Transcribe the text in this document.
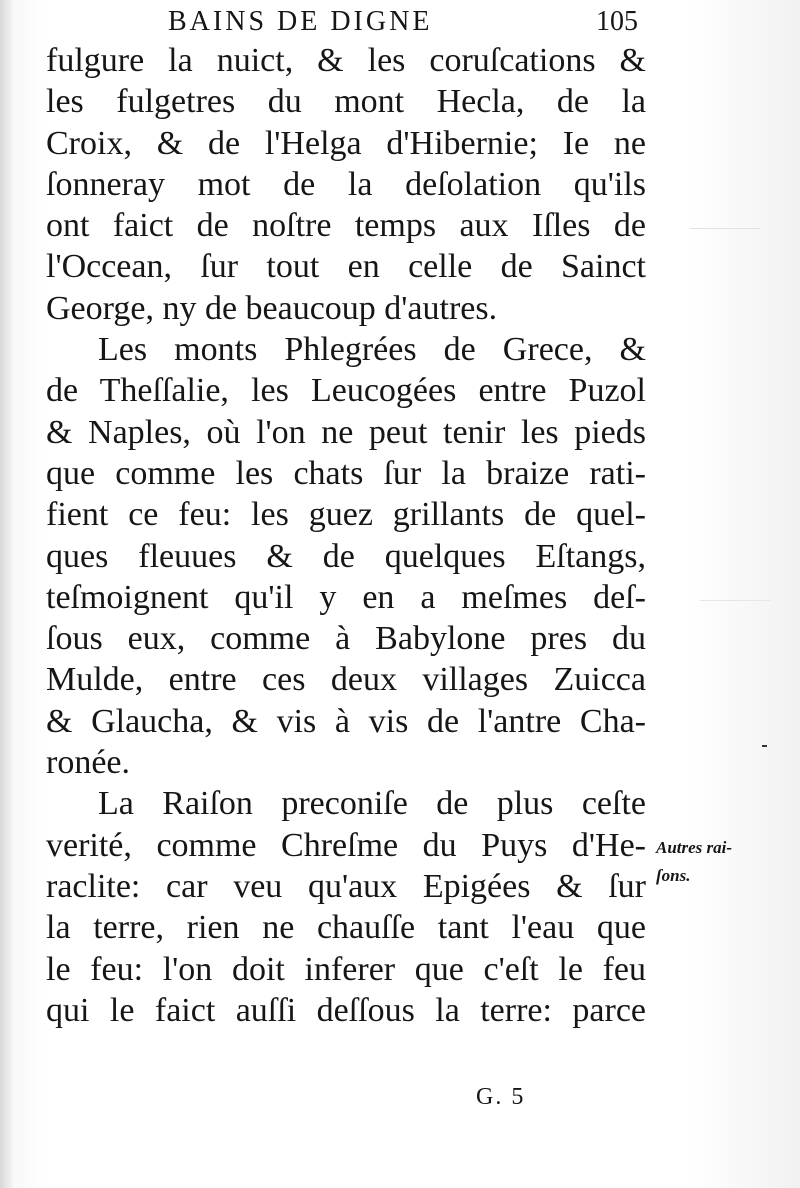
BAINS DE DIGNE	105
fulgure la nuict, & les coruſcations &
les fulgetres du mont Hecla, de la
Croix, & de l'Helga d'Hibernie; Ie ne
ſonneray mot de la deſolation qu'ils
ont faict de noſtre temps aux Iſles de
l'Occean, ſur tout en celle de Sainct
George, ny de beaucoup d'autres.
Les monts Phlegrées de Grece, &
de Theſſalie, les Leucogées entre Puzol
& Naples, où l'on ne peut tenir les pieds
que comme les chats ſur la braize rati-
fient ce feu: les guez grillants de quel-
ques fleuues & de quelques Eſtangs,
teſmoignent qu'il y en a meſmes deſ-
ſous eux, comme à Babylone pres du
Mulde, entre ces deux villages Zuicca
& Glaucha, & vis à vis de l'antre Cha-
ronée.
La Raiſon preconiſe de plus ceſte
verité, comme Chreſme du Puys d'He-
raclite: car veu qu'aux Epigées & ſur
la terre, rien ne chauſſe tant l'eau que
le feu: l'on doit inferer que c'eſt le feu
qui le faict auſſi deſſous la terre: parce
Autres rai-
ſons.
G. 5
